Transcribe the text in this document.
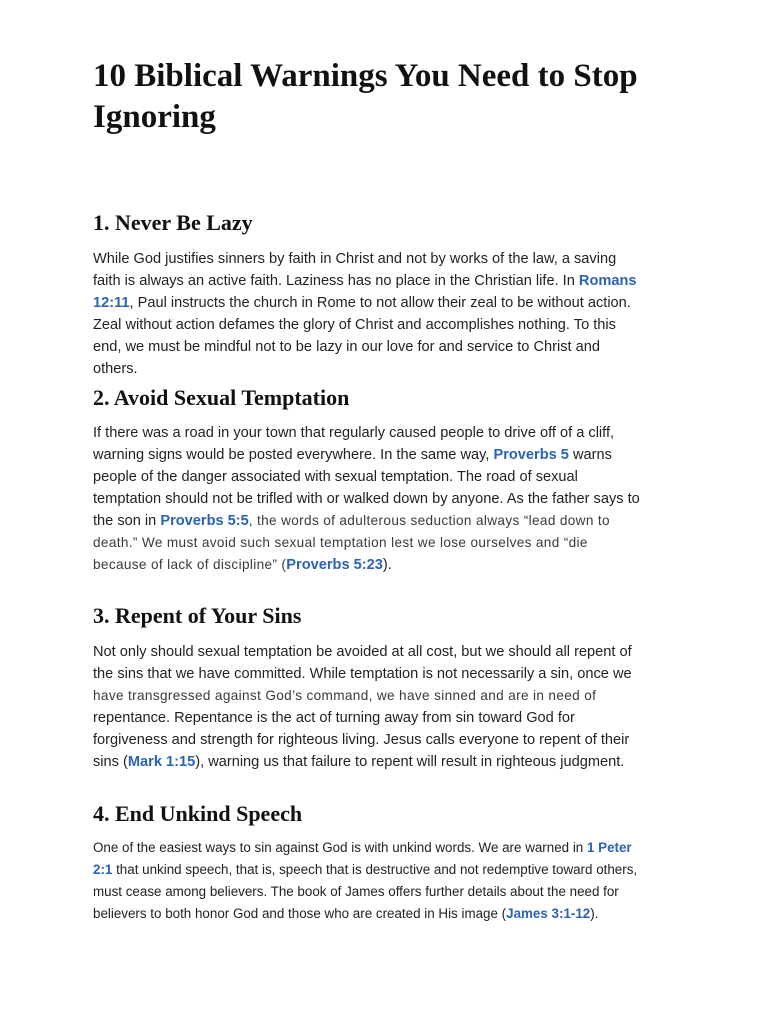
10 Biblical Warnings You Need to Stop Ignoring
1. Never Be Lazy
While God justifies sinners by faith in Christ and not by works of the law, a saving
faith is always an active faith. Laziness has no place in the Christian life. In Romans
12:11, Paul instructs the church in Rome to not allow their zeal to be without action.
Zeal without action defames the glory of Christ and accomplishes nothing. To this
end, we must be mindful not to be lazy in our love for and service to Christ and
others.
2. Avoid Sexual Temptation
If there was a road in your town that regularly caused people to drive off of a cliff,
warning signs would be posted everywhere. In the same way, Proverbs 5 warns
people of the danger associated with sexual temptation. The road of sexual
temptation should not be trifled with or walked down by anyone. As the father says to
the son in Proverbs 5:5, the words of adulterous seduction always “lead down to
death.” We must avoid such sexual temptation lest we lose ourselves and “die
because of lack of discipline” (Proverbs 5:23).
3. Repent of Your Sins
Not only should sexual temptation be avoided at all cost, but we should all repent of
the sins that we have committed. While temptation is not necessarily a sin, once we
have transgressed against God’s command, we have sinned and are in need of
repentance. Repentance is the act of turning away from sin toward God for
forgiveness and strength for righteous living. Jesus calls everyone to repent of their
sins (Mark 1:15), warning us that failure to repent will result in righteous judgment.
4. End Unkind Speech
One of the easiest ways to sin against God is with unkind words. We are warned in 1 Peter
2:1 that unkind speech, that is, speech that is destructive and not redemptive toward others,
must cease among believers. The book of James offers further details about the need for
believers to both honor God and those who are created in His image (James 3:1-12).
